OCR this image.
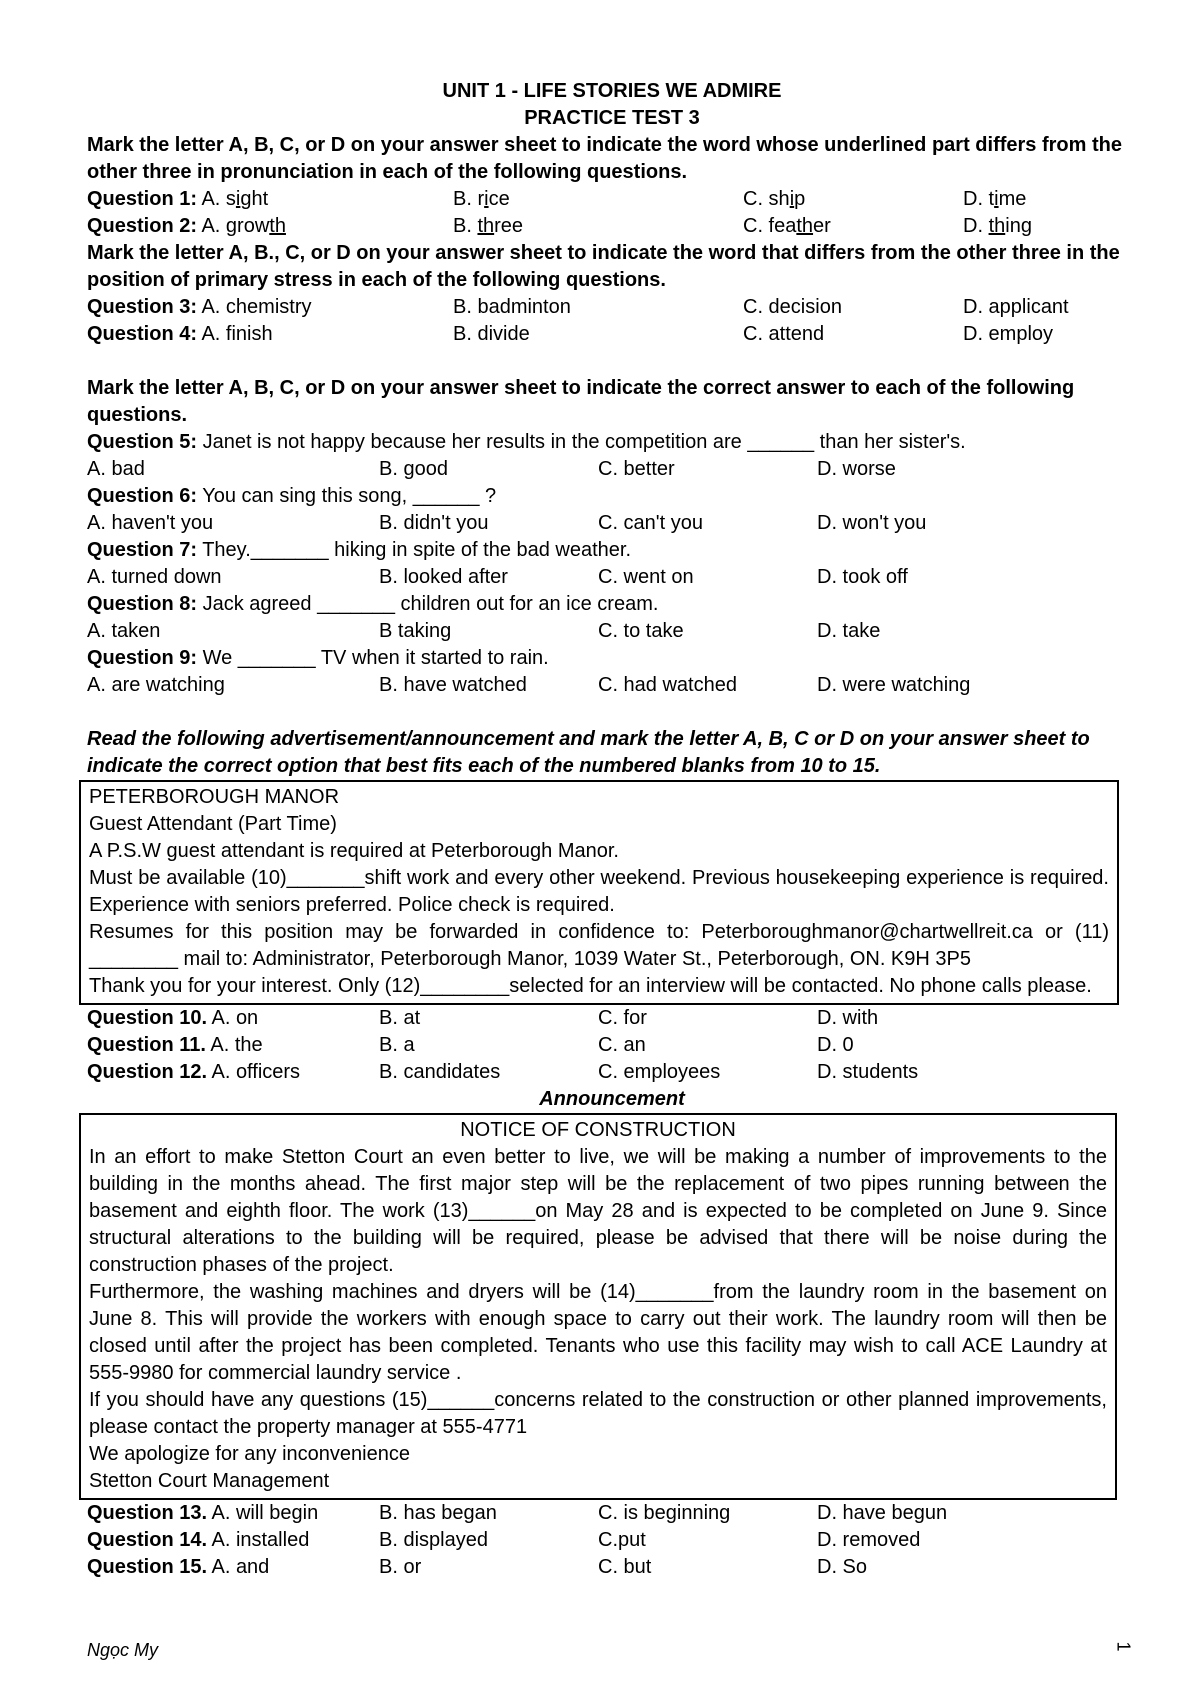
UNIT 1 - LIFE STORIES WE ADMIRE
PRACTICE TEST 3
Mark the letter A, B, C, or D on your answer sheet to indicate the word whose underlined part differs from the other three in pronunciation in each of the following questions.
Question 1: A. sight	B. rice	C. ship	D. time
Question 2: A. growth	B. three	C. feather	D. thing
Mark the letter A, B., C, or D on your answer sheet to indicate the word that differs from the other three in the position of primary stress in each of the following questions.
Question 3: A. chemistry	B. badminton	C. decision	D. applicant
Question 4: A. finish	B. divide	C. attend	D. employ
Mark the letter A, B, C, or D on your answer sheet to indicate the correct answer to each of the following questions.
Question 5: Janet is not happy because her results in the competition are ______ than her sister's.
A. bad	B. good	C. better	D. worse
Question 6: You can sing this song, ______ ?
A. haven't you	B. didn't you	C. can't you	D. won't you
Question 7: They._______ hiking in spite of the bad weather.
A. turned down	B. looked after	C. went on	D. took off
Question 8: Jack agreed _______ children out for an ice cream.
A. taken	B taking	C. to take	D. take
Question 9: We _______ TV when it started to rain.
A. are watching	B. have watched	C. had watched	D. were watching
Read the following advertisement/announcement and mark the letter A, B, C or D on your answer sheet to indicate the correct option that best fits each of the numbered blanks from 10 to 15.
PETERBOROUGH MANOR
Guest Attendant (Part Time)
A P.S.W guest attendant is required at Peterborough Manor.
Must be available (10)_______shift work and every other weekend. Previous housekeeping experience is required. Experience with seniors preferred. Police check is required.
Resumes for this position may be forwarded in confidence to: Peterboroughmanor@chartwellreit.ca or (11) ________ mail to: Administrator, Peterborough Manor, 1039 Water St., Peterborough, ON. K9H 3P5
Thank you for your interest. Only (12)________selected for an interview will be contacted. No phone calls please.
Question 10. A. on	B. at	C. for	D. with
Question 11. A. the	B. a	C. an	D. 0
Question 12. A. officers	B. candidates	C. employees	D. students
Announcement
NOTICE OF CONSTRUCTION
In an effort to make Stetton Court an even better to live, we will be making a number of improvements to the building in the months ahead. The first major step will be the replacement of two pipes running between the basement and eighth floor. The work (13)______on May 28 and is expected to be completed on June 9. Since structural alterations to the building will be required, please be advised that there will be noise during the construction phases of the project.
Furthermore, the washing machines and dryers will be (14)_______from the laundry room in the basement on June 8. This will provide the workers with enough space to carry out their work. The laundry room will then be closed until after the project has been completed. Tenants who use this facility may wish to call ACE Laundry at 555-9980 for commercial laundry service .
If you should have any questions (15)______concerns related to the construction or other planned improvements, please contact the property manager at 555-4771
We apologize for any inconvenience
Stetton Court Management
Question 13. A. will begin	B. has began	C. is beginning	D. have begun
Question 14. A. installed	B. displayed	C.put	D. removed
Question 15. A. and	B. or	C. but	D. So
Ngọc My	1
